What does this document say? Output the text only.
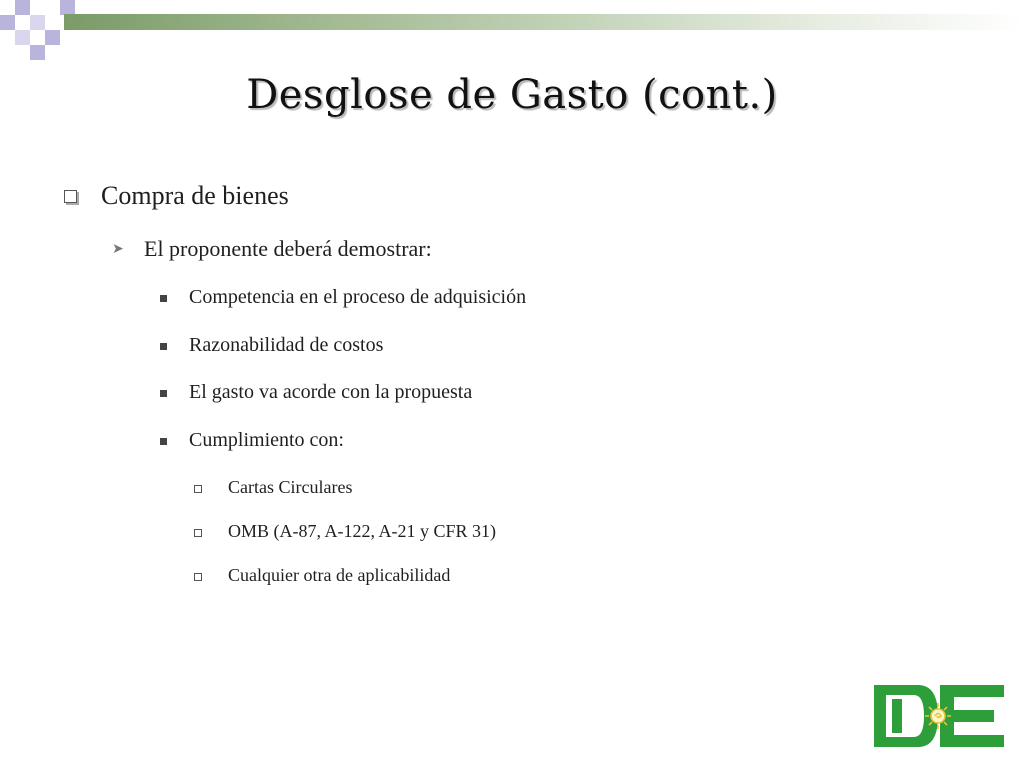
Desglose de Gasto (cont.)
Compra de bienes
➤ El proponente deberá demostrar:
Competencia en el proceso de adquisición
Razonabilidad de costos
El gasto va acorde con la propuesta
Cumplimiento con:
Cartas Circulares
OMB (A-87, A-122, A-21 y CFR 31)
Cualquier otra de aplicabilidad
